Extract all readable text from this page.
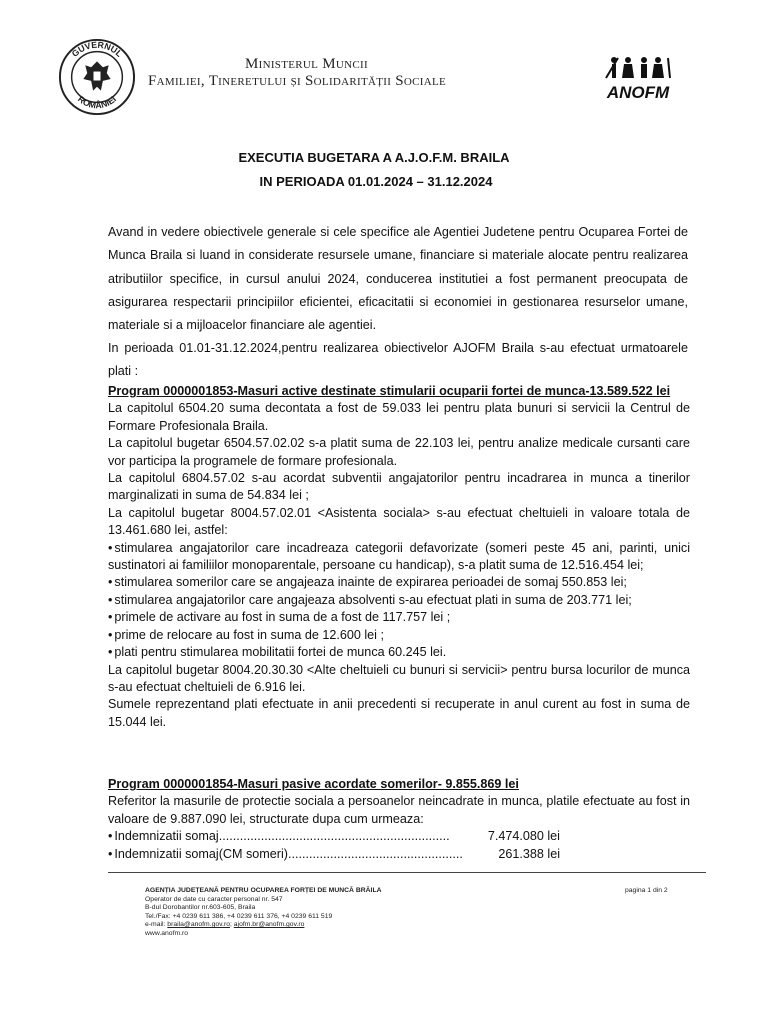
GUVERNUL
ROMÂNIEI
Ministerul Muncii
Familiei, Tineretului și Solidarității Sociale
ANOFM
EXECUTIA BUGETARA A A.J.O.F.M. BRAILA
IN PERIOADA 01.01.2024 – 31.12.2024
Avand in vedere obiectivele generale si cele specifice ale Agentiei Judetene pentru Ocuparea Fortei de Munca Braila si luand in considerate resursele umane, financiare si materiale alocate pentru realizarea atributiilor specifice, in cursul anului 2024, conducerea institutiei a fost permanent preocupata de asigurarea respectarii principiilor eficientei, eficacitatii si economiei in gestionarea resurselor umane, materiale si a mijloacelor financiare ale agentiei.
In perioada 01.01-31.12.2024,pentru realizarea obiectivelor AJOFM Braila s-au efectuat urmatoarele plati :
Program 0000001853-Masuri active destinate stimularii ocuparii fortei de munca-13.589.522 lei
La capitolul 6504.20 suma decontata a fost de 59.033 lei pentru plata bunuri si servicii la Centrul de Formare Profesionala Braila.
La capitolul bugetar 6504.57.02.02 s-a platit suma de 22.103 lei, pentru analize medicale cursanti care vor participa la programele de formare profesionala.
La capitolul 6804.57.02 s-au acordat subventii angajatorilor pentru incadrarea in munca a tinerilor marginalizati in suma de 54.834 lei ;
La capitolul bugetar 8004.57.02.01 <Asistenta sociala> s-au efectuat cheltuieli in valoare totala de 13.461.680 lei, astfel:
• stimularea angajatorilor care incadreaza categorii defavorizate (someri peste 45 ani, parinti, unici sustinatori ai familiilor monoparentale, persoane cu handicap), s-a platit suma de 12.516.454 lei;
• stimularea somerilor care se angajeaza inainte de expirarea perioadei de somaj 550.853 lei;
• stimularea angajatorilor care angajeaza absolventi s-au efectuat plati in suma de 203.771 lei;
• primele de activare au fost in suma de a fost de 117.757 lei ;
• prime de relocare au fost in suma de 12.600 lei ;
• plati pentru stimularea mobilitatii fortei de munca 60.245 lei.
La capitolul bugetar 8004.20.30.30 <Alte cheltuieli cu bunuri si servicii> pentru bursa locurilor de munca s-au efectuat cheltuieli de 6.916 lei.
Sumele reprezentand plati efectuate in anii precedenti si recuperate in anul curent au fost in suma de 15.044 lei.
Program 0000001854-Masuri pasive acordate somerilor- 9.855.869 lei
Referitor la masurile de protectie sociala a persoanelor neincadrate in munca, platile efectuate au fost in valoare de 9.887.090 lei, structurate dupa cum urmeaza:
• Indemnizatii somaj..................................................................	7.474.080 lei
• Indemnizatii somaj(CM someri)..................................................	261.388 lei
AGENȚIA JUDEȚEANĂ PENTRU OCUPAREA FORȚEI DE MUNCĂ BRĂILA
Operator de date cu caracter personal nr. 547
B-dul Dorobantilor nr.603-605, Braila
Tel./Fax: +4 0239 611 386, +4 0239 611 376, +4 0239 611 519
e-mail: braila@anofm.gov.ro; ajofm.br@anofm.gov.ro
www.anofm.ro
pagina 1 din 2
